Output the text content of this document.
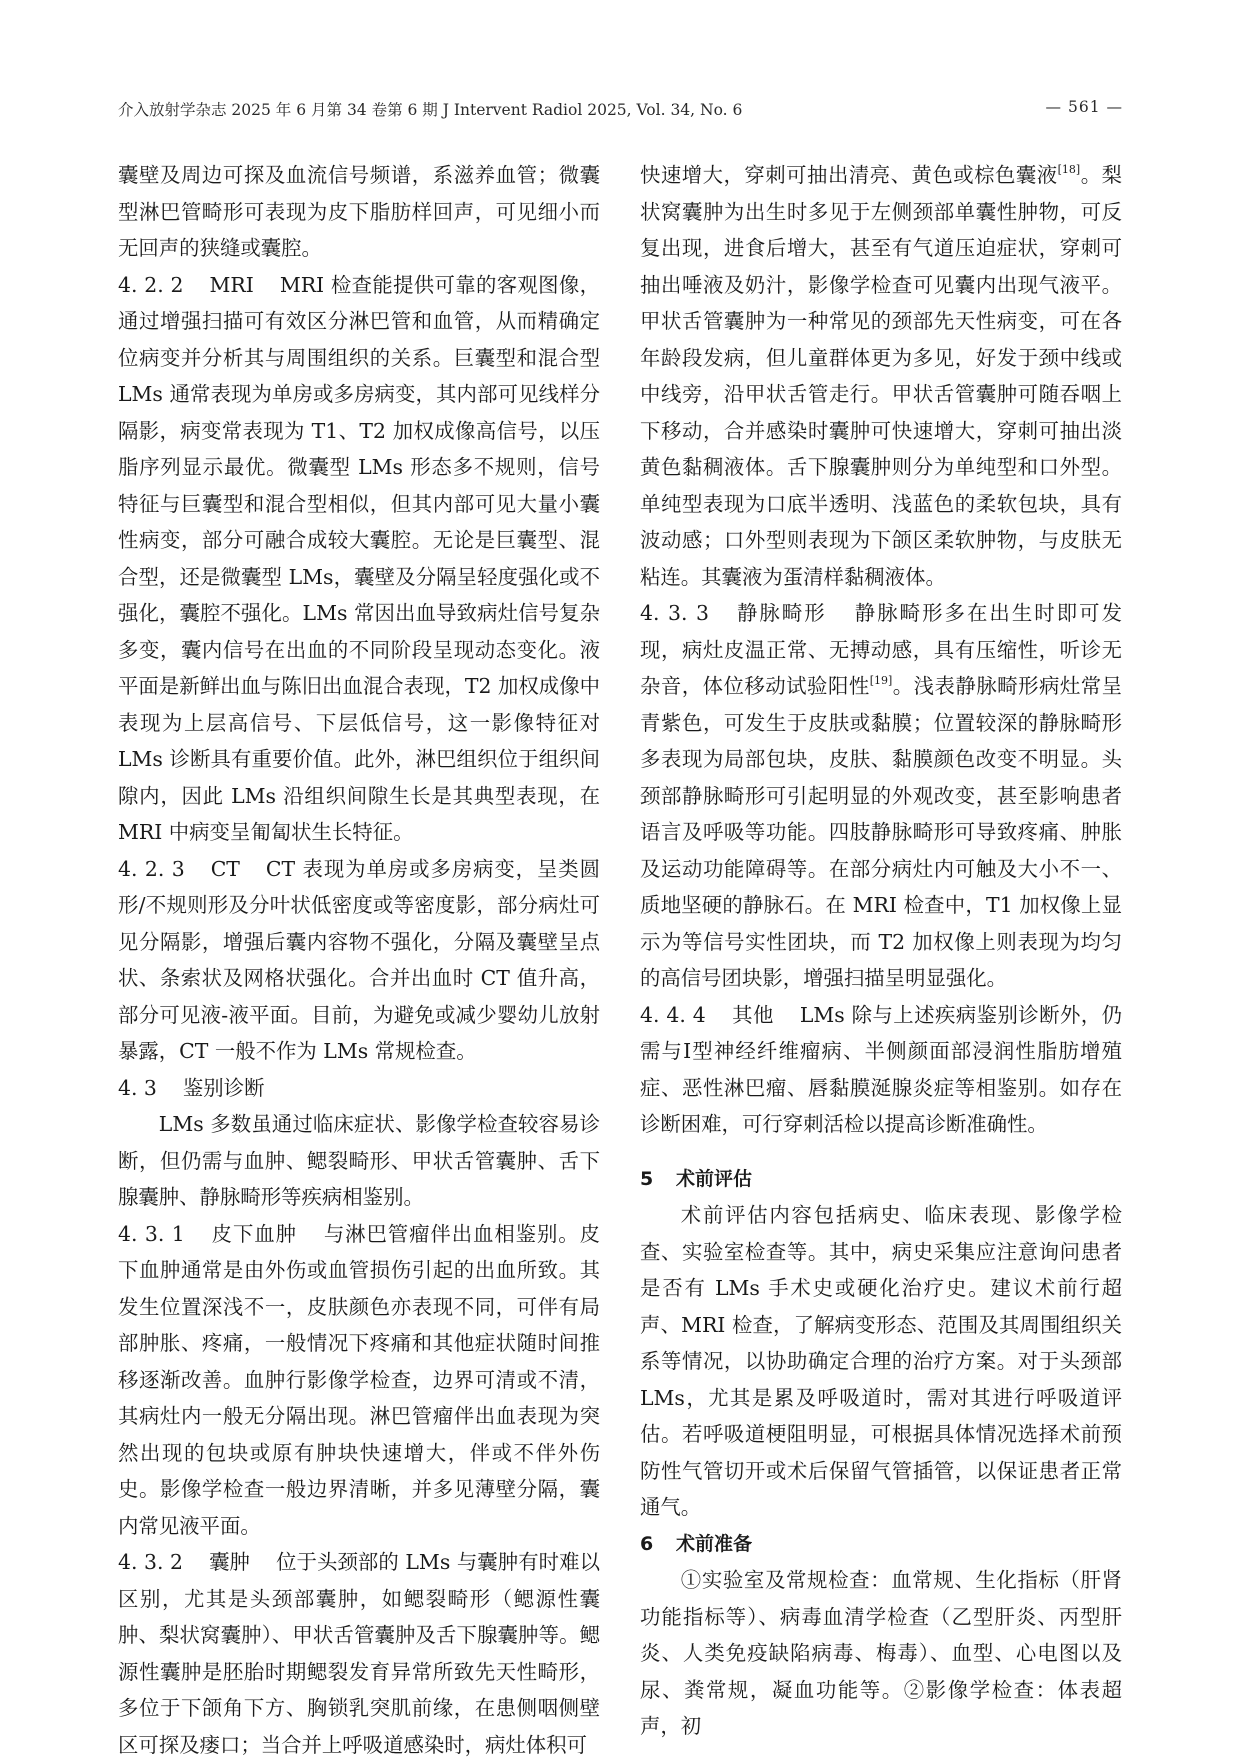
介入放射学杂志 2025 年 6 月第 34 卷第 6 期 J Intervent Radiol 2025, Vol. 34, No. 6	— 561 —

囊壁及周边可探及血流信号频谱，系滋养血管；微囊型淋巴管畸形可表现为皮下脂肪样回声，可见细小而无回声的狭缝或囊腔。

4. 2. 2 MRI MRI 检查能提供可靠的客观图像，通过增强扫描可有效区分淋巴管和血管，从而精确定位病变并分析其与周围组织的关系。巨囊型和混合型 LMs 通常表现为单房或多房病变，其内部可见线样分隔影，病变常表现为 T1、T2 加权成像高信号，以压脂序列显示最优。微囊型 LMs 形态多不规则，信号特征与巨囊型和混合型相似，但其内部可见大量小囊性病变，部分可融合成较大囊腔。无论是巨囊型、混合型，还是微囊型 LMs，囊壁及分隔呈轻度强化或不强化，囊腔不强化。LMs 常因出血导致病灶信号复杂多变，囊内信号在出血的不同阶段呈现动态变化。液平面是新鲜出血与陈旧出血混合表现，T2 加权成像中表现为上层高信号、下层低信号，这一影像特征对 LMs 诊断具有重要价值。此外，淋巴组织位于组织间隙内，因此 LMs 沿组织间隙生长是其典型表现，在 MRI 中病变呈匍匐状生长特征。

4. 2. 3 CT CT 表现为单房或多房病变，呈类圆形/不规则形及分叶状低密度或等密度影，部分病灶可见分隔影，增强后囊内容物不强化，分隔及囊壁呈点状、条索状及网格状强化。合并出血时 CT 值升高，部分可见液-液平面。目前，为避免或减少婴幼儿放射暴露，CT 一般不作为 LMs 常规检查。

4. 3 鉴别诊断

LMs 多数虽通过临床症状、影像学检查较容易诊断，但仍需与血肿、鳃裂畸形、甲状舌管囊肿、舌下腺囊肿、静脉畸形等疾病相鉴别。

4. 3. 1 皮下血肿 与淋巴管瘤伴出血相鉴别。皮下血肿通常是由外伤或血管损伤引起的出血所致。其发生位置深浅不一，皮肤颜色亦表现不同，可伴有局部肿胀、疼痛，一般情况下疼痛和其他症状随时间推移逐渐改善。血肿行影像学检查，边界可清或不清，其病灶内一般无分隔出现。淋巴管瘤伴出血表现为突然出现的包块或原有肿块快速增大，伴或不伴外伤史。影像学检查一般边界清晰，并多见薄壁分隔，囊内常见液平面。

4. 3. 2 囊肿 位于头颈部的 LMs 与囊肿有时难以区别，尤其是头颈部囊肿，如鳃裂畸形（鳃源性囊肿、梨状窝囊肿）、甲状舌管囊肿及舌下腺囊肿等。鳃源性囊肿是胚胎时期鳃裂发育异常所致先天性畸形，多位于下颌角下方、胸锁乳突肌前缘，在患侧咽侧壁区可探及瘘口；当合并上呼吸道感染时，病灶体积可

快速增大，穿刺可抽出清亮、黄色或棕色囊液[18]。梨状窝囊肿为出生时多见于左侧颈部单囊性肿物，可反复出现，进食后增大，甚至有气道压迫症状，穿刺可抽出唾液及奶汁，影像学检查可见囊内出现气液平。甲状舌管囊肿为一种常见的颈部先天性病变，可在各年龄段发病，但儿童群体更为多见，好发于颈中线或中线旁，沿甲状舌管走行。甲状舌管囊肿可随吞咽上下移动，合并感染时囊肿可快速增大，穿刺可抽出淡黄色黏稠液体。舌下腺囊肿则分为单纯型和口外型。单纯型表现为口底半透明、浅蓝色的柔软包块，具有波动感；口外型则表现为下颌区柔软肿物，与皮肤无粘连。其囊液为蛋清样黏稠液体。

4. 3. 3 静脉畸形 静脉畸形多在出生时即可发现，病灶皮温正常、无搏动感，具有压缩性，听诊无杂音，体位移动试验阳性[19]。浅表静脉畸形病灶常呈青紫色，可发生于皮肤或黏膜；位置较深的静脉畸形多表现为局部包块，皮肤、黏膜颜色改变不明显。头颈部静脉畸形可引起明显的外观改变，甚至影响患者语言及呼吸等功能。四肢静脉畸形可导致疼痛、肿胀及运动功能障碍等。在部分病灶内可触及大小不一、质地坚硬的静脉石。在 MRI 检查中，T1 加权像上显示为等信号实性团块，而 T2 加权像上则表现为均匀的高信号团块影，增强扫描呈明显强化。

4. 4. 4 其他 LMs 除与上述疾病鉴别诊断外，仍需与Ⅰ型神经纤维瘤病、半侧颜面部浸润性脂肪增殖症、恶性淋巴瘤、唇黏膜涎腺炎症等相鉴别。如存在诊断困难，可行穿刺活检以提高诊断准确性。

5 术前评估

术前评估内容包括病史、临床表现、影像学检查、实验室检查等。其中，病史采集应注意询问患者是否有 LMs 手术史或硬化治疗史。建议术前行超声、MRI 检查，了解病变形态、范围及其周围组织关系等情况，以协助确定合理的治疗方案。对于头颈部 LMs，尤其是累及呼吸道时，需对其进行呼吸道评估。若呼吸道梗阻明显，可根据具体情况选择术前预防性气管切开或术后保留气管插管，以保证患者正常通气。

6 术前准备

①实验室及常规检查：血常规、生化指标（肝肾功能指标等）、病毒血清学检查（乙型肝炎、丙型肝炎、人类免疫缺陷病毒、梅毒）、血型、心电图以及尿、粪常规，凝血功能等。②影像学检查：体表超声，初
